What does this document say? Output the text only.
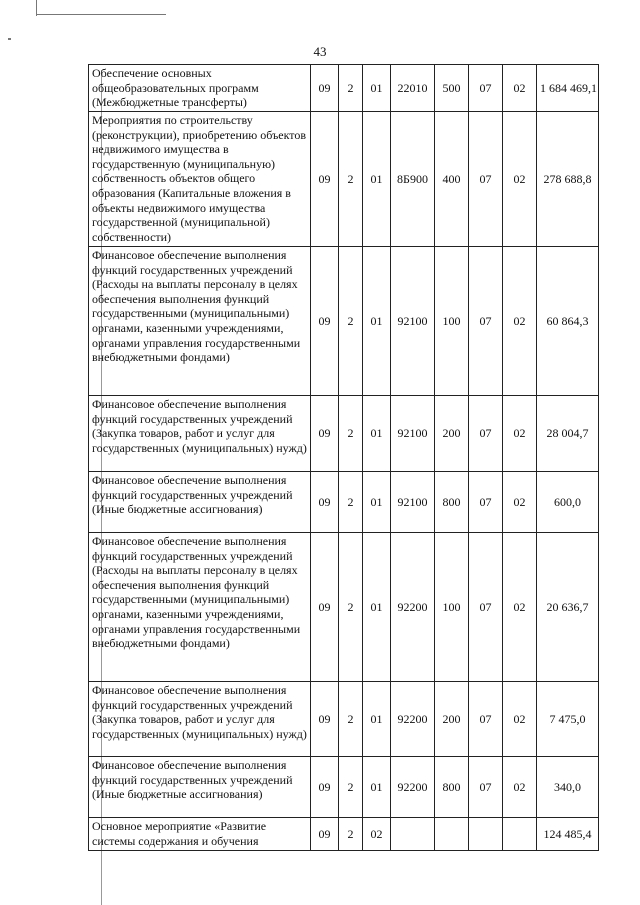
43
Обеспечение основных общеобразовательных программ (Межбюджетные трансферты)	09	2	01	22010	500	07	02	1 684 469,1
Мероприятия по строительству (реконструкции), приобретению объектов недвижимого имущества в государственную (муниципальную) собственность объектов общего образования (Капитальные вложения в объекты недвижимого имущества государственной (муниципальной) собственности)	09	2	01	8Б900	400	07	02	278 688,8
Финансовое обеспечение выполнения функций государственных учреждений (Расходы на выплаты персоналу в целях обеспечения выполнения функций государственными (муниципальными) органами, казенными учреждениями, органами управления государственными внебюджетными фондами)	09	2	01	92100	100	07	02	60 864,3
Финансовое обеспечение выполнения функций государственных учреждений (Закупка товаров, работ и услуг для государственных (муниципальных) нужд)	09	2	01	92100	200	07	02	28 004,7
Финансовое обеспечение выполнения функций государственных учреждений (Иные бюджетные ассигнования)	09	2	01	92100	800	07	02	600,0
Финансовое обеспечение выполнения функций государственных учреждений (Расходы на выплаты персоналу в целях обеспечения выполнения функций государственными (муниципальными) органами, казенными учреждениями, органами управления государственными внебюджетными фондами)	09	2	01	92200	100	07	02	20 636,7
Финансовое обеспечение выполнения функций государственных учреждений (Закупка товаров, работ и услуг для государственных (муниципальных) нужд)	09	2	01	92200	200	07	02	7 475,0
Финансовое обеспечение выполнения функций государственных учреждений (Иные бюджетные ассигнования)	09	2	01	92200	800	07	02	340,0
Основное мероприятие «Развитие системы содержания и обучения	09	2	02					124 485,4
